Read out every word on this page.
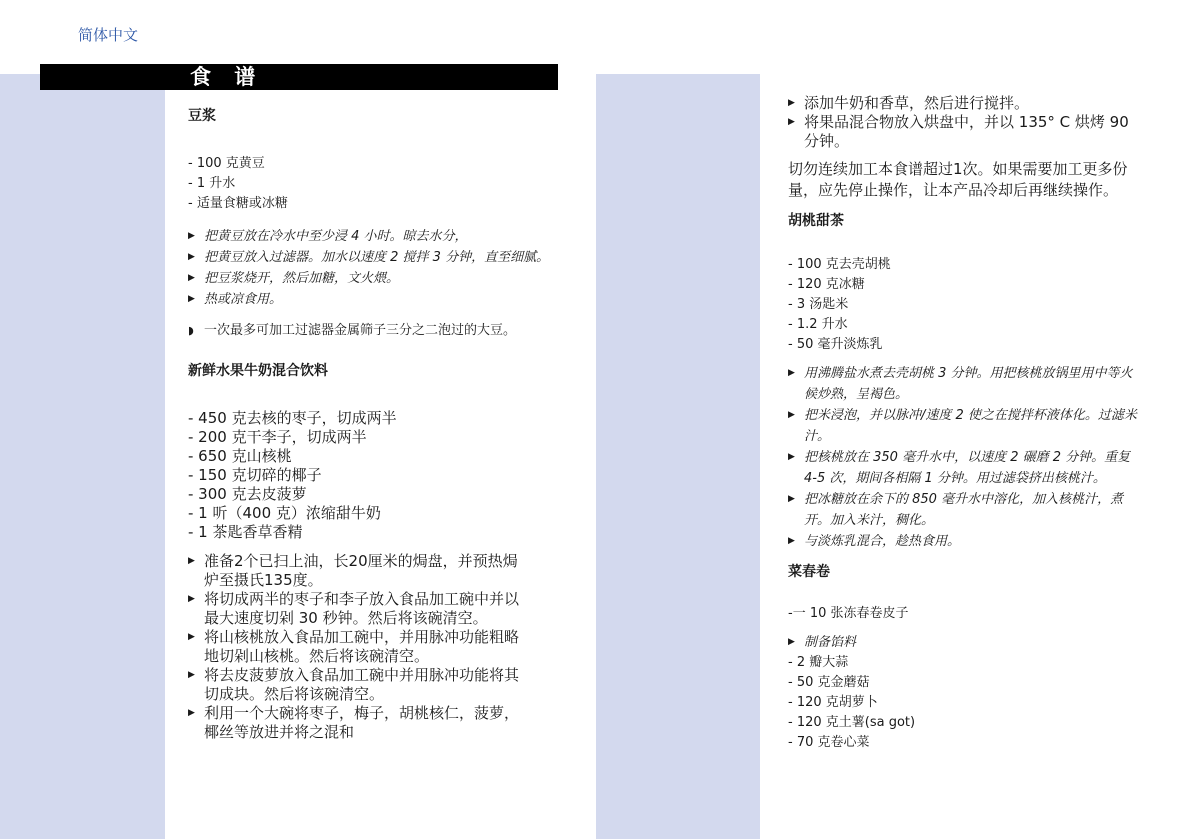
简体中文
食 谱
豆浆
- 100 克黄豆
- 1 升水
- 适量食糖或冰糖
▶ 把黄豆放在冷水中至少浸 4 小时。晾去水分，
▶ 把黄豆放入过滤器。加水以速度 2 搅拌 3 分钟，直至细腻。
▶ 把豆浆烧开，然后加糖，文火煨。
▶ 热或凉食用。

◗ 一次最多可加工过滤器金属筛子三分之二泡过的大豆。

新鲜水果牛奶混合饮料
- 450 克去核的枣子，切成两半
- 200 克干李子，切成两半
- 650 克山核桃
- 150 克切碎的椰子
- 300 克去皮菠萝
- 1 听（400 克）浓缩甜牛奶
- 1 茶匙香草香精
▶ 准备2个已扫上油，长20厘米的焗盘，并预热焗炉至摄氏135度。
▶ 将切成两半的枣子和李子放入食品加工碗中并以最大速度切剁 30 秒钟。然后将该碗清空。
▶ 将山核桃放入食品加工碗中，并用脉冲功能粗略地切剁山核桃。然后将该碗清空。
▶ 将去皮菠萝放入食品加工碗中并用脉冲功能将其切成块。然后将该碗清空。
▶ 利用一个大碗将枣子，梅子，胡桃核仁，菠萝，椰丝等放进并将之混和
▶ 添加牛奶和香草，然后进行搅拌。
▶ 将果品混合物放入烘盘中，并以 135° C 烘烤 90 分钟。

切勿连续加工本食谱超过1次。如果需要加工更多份量，应先停止操作，让本产品冷却后再继续操作。

胡桃甜茶
- 100 克去壳胡桃
- 120 克冰糖
- 3 汤匙米
- 1.2 升水
- 50 毫升淡炼乳
▶ 用沸腾盐水煮去壳胡桃 3 分钟。用把核桃放锅里用中等火候炒熟，呈褐色。
▶ 把米浸泡，并以脉冲/速度 2 使之在搅拌杯液体化。过滤米汁。
▶ 把核桃放在 350 毫升水中，以速度 2 碾磨 2 分钟。重复 4-5 次，期间各相隔 1 分钟。用过滤袋挤出核桃汁。
▶ 把冰糖放在余下的 850 毫升水中溶化，加入核桃汁，煮开。加入米汁，稠化。
▶ 与淡炼乳混合，趁热食用。
菜春卷
-一 10 张冻春卷皮子
▶ 制备馅料
- 2 瓣大蒜
- 50 克金蘑菇
- 120 克胡萝卜
- 120 克土薯(sa got)
- 70 克卷心菜
